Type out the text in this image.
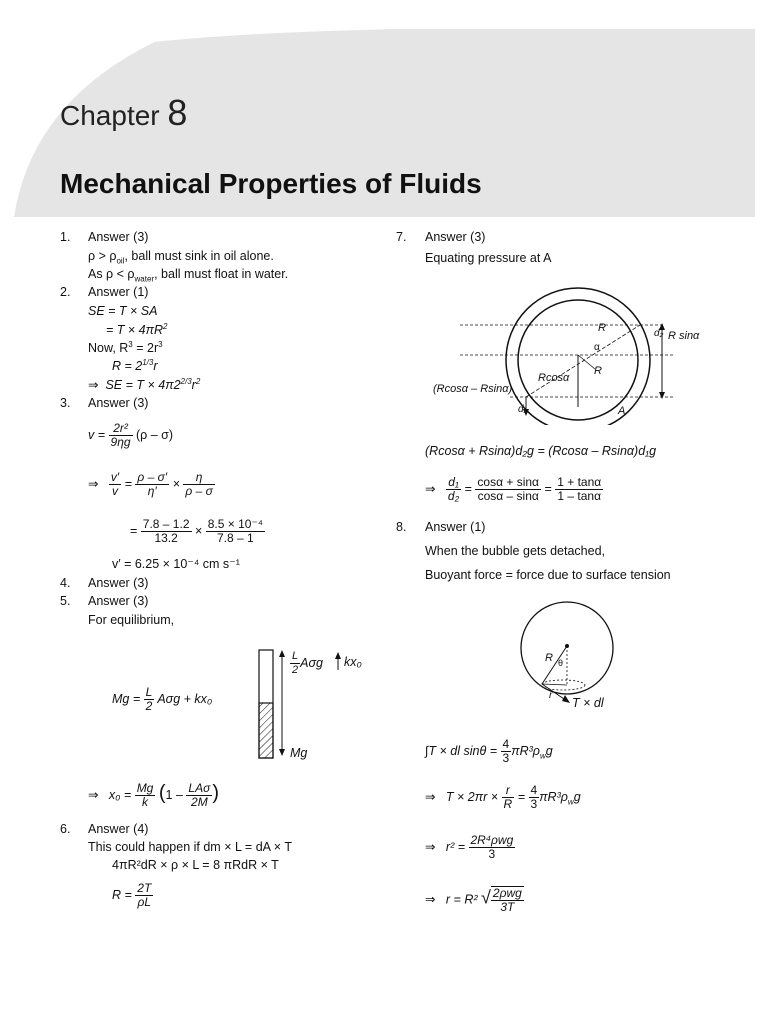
Chapter 8
Mechanical Properties of Fluids
1. Answer (3)
$\rho > \rho_{oil}$, ball must sink in oil alone.
As $\rho < \rho_{water}$, ball must float in water.
2. Answer (1)
SE = T × SA
= $T \times 4\pi R^2$
Now, $R^3 = 2r^3$
$R = 2^{1/3}r$
⇒ SE = $T \times 4\pi 2^{2/3}r^2$
3. Answer (3)
$v = \frac{\text{2r²}}{9\eta g} (\rho - \sigma)$
⇒ $\frac{v'}{v} = \frac{\rho - \sigma'}{\eta'} \times \frac{\eta}{\rho - \sigma}$
= $\frac{7.8 - 1.2}{13.2} \times \frac{\text{8.5 × 10⁻⁴}}{7.8 - 1}$
v′ = 6.25 × 10⁻⁴ cm s⁻¹
4. Answer (3)
5. Answer (3)
For equilibrium,
$Mg = \frac{L}{2}$ Aσg + kx₀
$\frac{L}{2}$ Aσg kx₀
Mg
⇒ $x_0 = \frac{Mg}{k} (1 - \frac{\text{LAσ}}{2M}$ )
6. Answer (4)
This could happen if dm × L = dA × T
4πR²dR × ρ × L = 8 πRdR × T
$R = \frac{2T}{\rho L}$
7. Answer (3)
Equating pressure at A
R
α
Rcosα
R
(Rcosα – Rsinα)
d₁
d₂
A
R sinα
(Rcosα + Rsinα)d₂g = (Rcosα – Rsinα)d₁g
⇒ $\frac{\text{d₁}}{\text{d₂}} = \frac{\cos\alpha + \sin\alpha}{\cos\alpha - \sin\alpha} = \frac{1 + \tan\alpha}{1 - \tan\alpha}$
8. Answer (1)
When the bubble gets detached,
Buoyant force = force due to surface tension
R θ
r
T × dl
∫T × dl $\sin\theta = \frac{4}{3} \pi R^3\rho_wg$
⇒ $T \times 2\pi r \times \frac{r}{R} = \frac{4}{3} \pi R^3\rho_wg$
⇒ $r^2 = \frac{\text{2R⁴ρwg}}{3}$
⇒ r = R² √ $\frac{\text{2ρwg}}{3T}$
